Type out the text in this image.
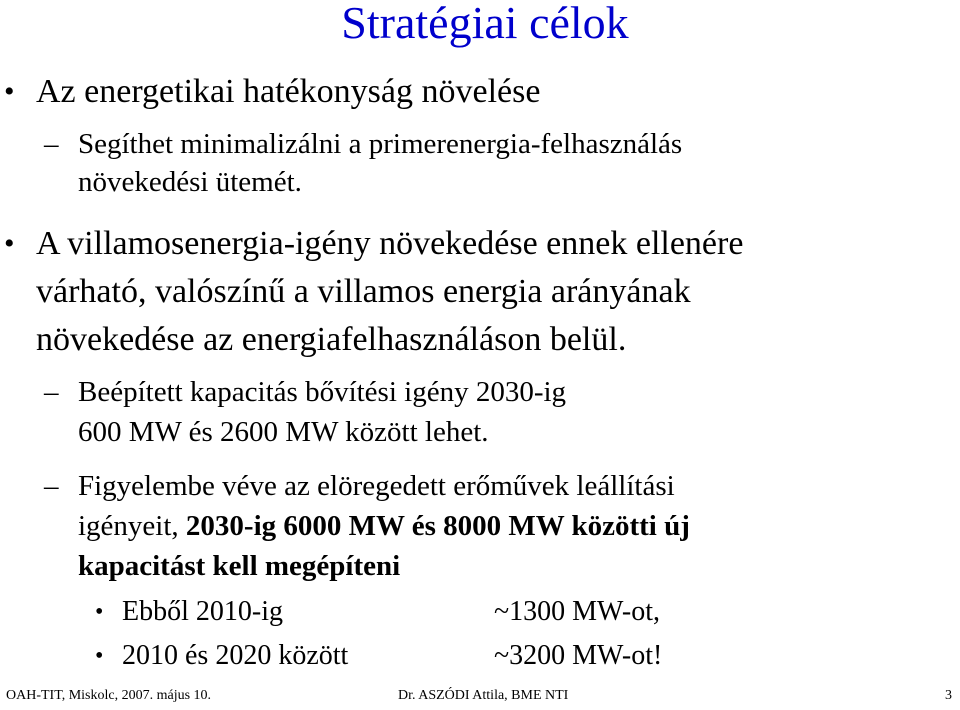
Stratégiai célok
• Az energetikai hatékonyság növelése
– Segíthet minimalizálni a primerenergia-felhasználás
növekedési ütemét.
• A villamosenergia-igény növekedése ennek ellenére
várható, valószínű a villamos energia arányának
növekedése az energiafelhasználáson belül.
– Beépített kapacitás bővítési igény 2030-ig
600 MW és 2600 MW között lehet.
– Figyelembe véve az elöregedett erőművek leállítási
igényeit, 2030-ig 6000 MW és 8000 MW közötti új
kapacitást kell megépíteni
• Ebből 2010-ig	~1300 MW-ot,
• 2010 és 2020 között	~3200 MW-ot!
OAH-TIT, Miskolc, 2007. május 10.	Dr. ASZÓDI Attila, BME NTI	3
